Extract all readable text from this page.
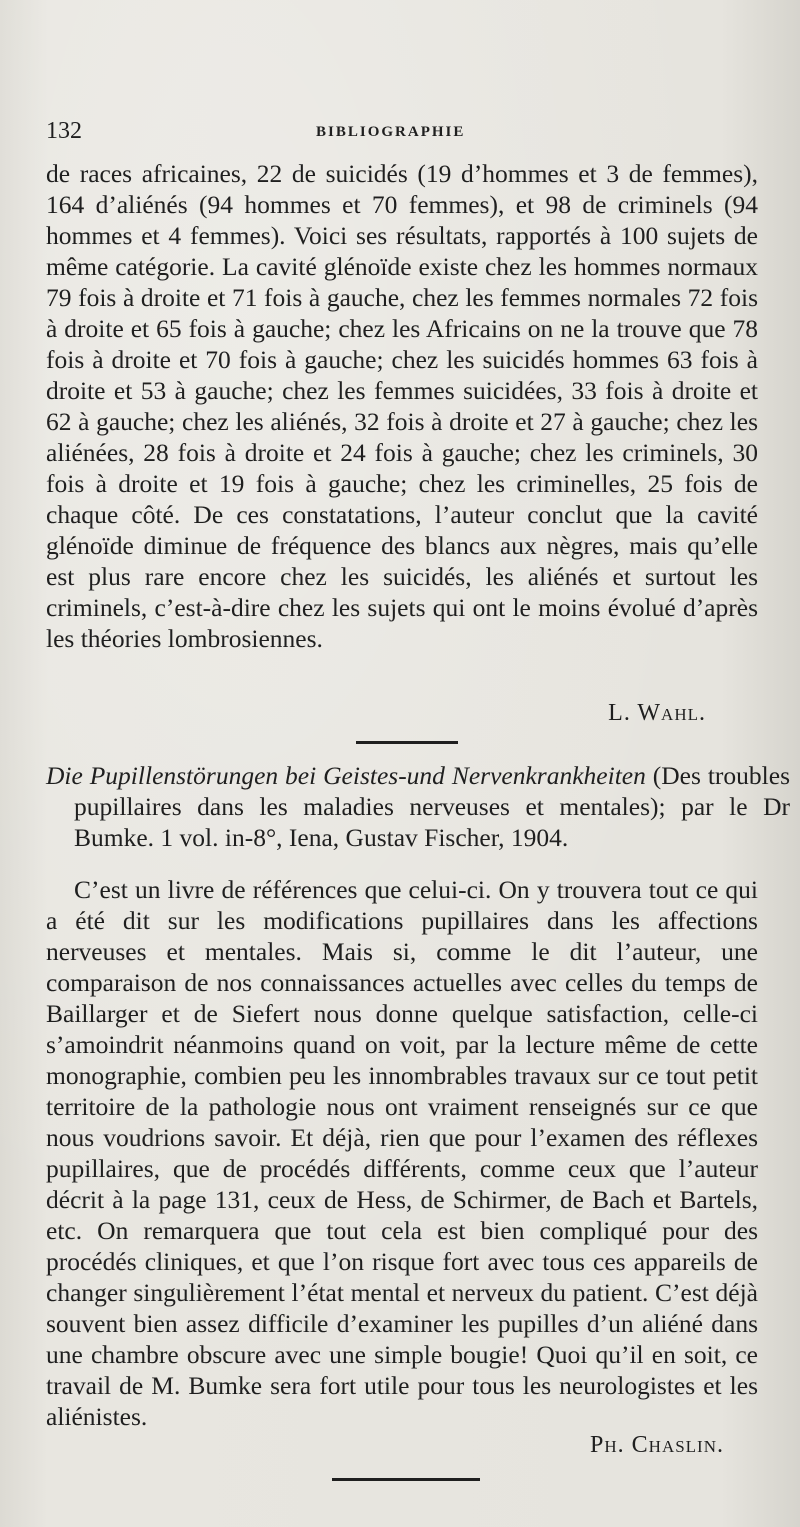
132	BIBLIOGRAPHIE

de races africaines, 22 de suicidés (19 d’hommes et 3 de femmes), 164 d’aliénés (94 hommes et 70 femmes), et 98 de criminels (94 hommes et 4 femmes). Voici ses résultats, rapportés à 100 sujets de même catégorie. La cavité glénoïde existe chez les hommes normaux 79 fois à droite et 71 fois à gauche, chez les femmes normales 72 fois à droite et 65 fois à gauche; chez les Africains on ne la trouve que 78 fois à droite et 70 fois à gauche; chez les suicidés hommes 63 fois à droite et 53 à gauche; chez les femmes suicidées, 33 fois à droite et 62 à gauche; chez les aliénés, 32 fois à droite et 27 à gauche; chez les aliénées, 28 fois à droite et 24 fois à gauche; chez les criminels, 30 fois à droite et 19 fois à gauche; chez les criminelles, 25 fois de chaque côté. De ces constatations, l’auteur conclut que la cavité glénoïde diminue de fréquence des blancs aux nègres, mais qu’elle est plus rare encore chez les suicidés, les aliénés et surtout les criminels, c’est-à-dire chez les sujets qui ont le moins évolué d’après les théories lombrosiennes.

L. Wahl.

Die Pupillenstörungen bei Geistes-und Nervenkrankheiten (Des troubles pupillaires dans les maladies nerveuses et mentales); par le Dr Bumke. 1 vol. in-8°, Iena, Gustav Fischer, 1904.

C’est un livre de références que celui-ci. On y trouvera tout ce qui a été dit sur les modifications pupillaires dans les affections nerveuses et mentales. Mais si, comme le dit l’auteur, une comparaison de nos connaissances actuelles avec celles du temps de Baillarger et de Siefert nous donne quelque satisfaction, celle-ci s’amoindrit néanmoins quand on voit, par la lecture même de cette monographie, combien peu les innombrables travaux sur ce tout petit territoire de la pathologie nous ont vraiment renseignés sur ce que nous voudrions savoir. Et déjà, rien que pour l’examen des réflexes pupillaires, que de procédés différents, comme ceux que l’auteur décrit à la page 131, ceux de Hess, de Schirmer, de Bach et Bartels, etc. On remarquera que tout cela est bien compliqué pour des procédés cliniques, et que l’on risque fort avec tous ces appareils de changer singulièrement l’état mental et nerveux du patient. C’est déjà souvent bien assez difficile d’examiner les pupilles d’un aliéné dans une chambre obscure avec une simple bougie! Quoi qu’il en soit, ce travail de M. Bumke sera fort utile pour tous les neurologistes et les aliénistes.

Ph. Chaslin.
